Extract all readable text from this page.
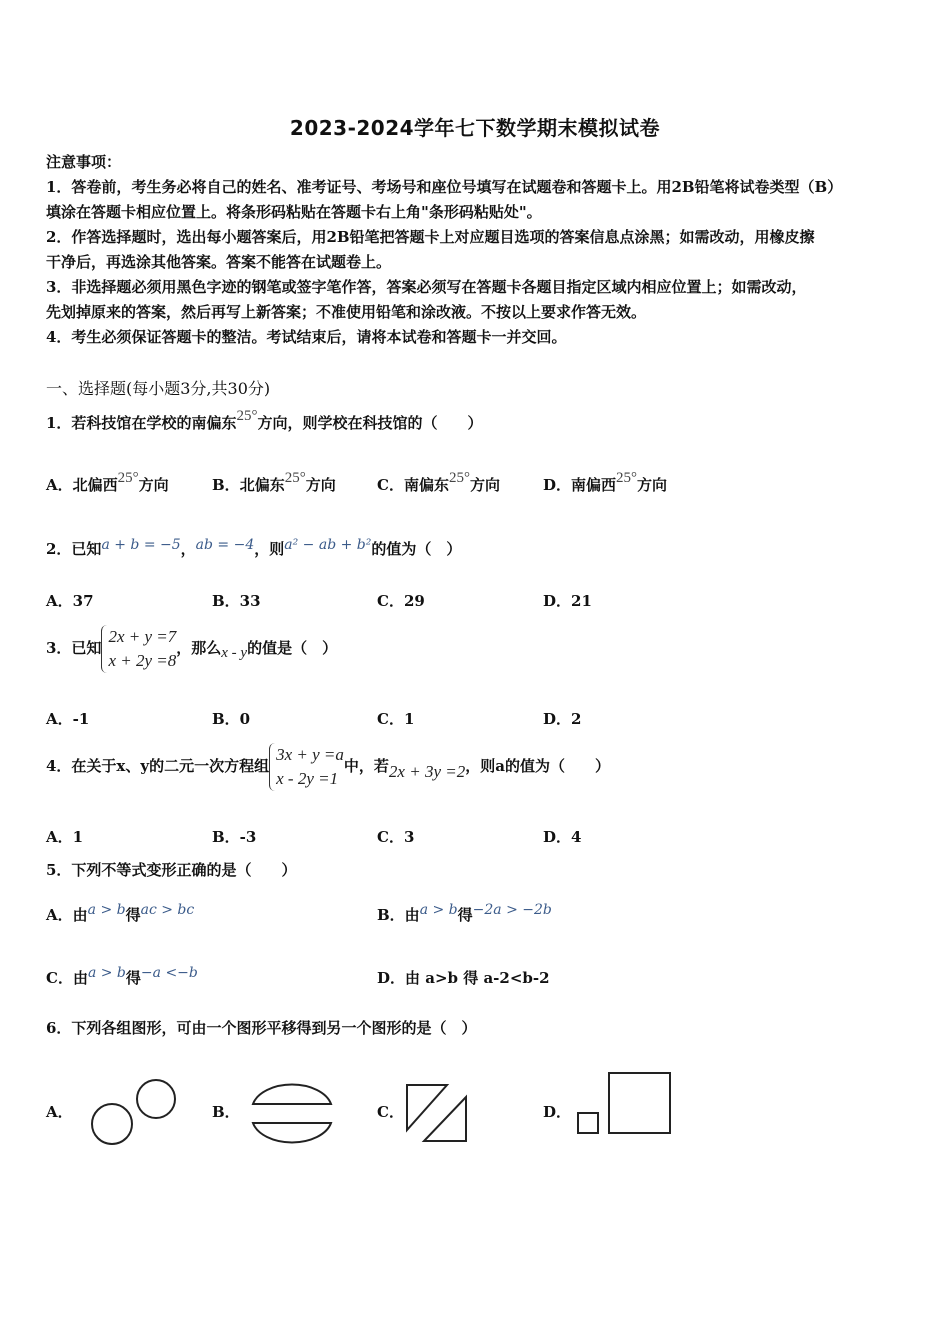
2023-2024学年七下数学期末模拟试卷
注意事项：
1．答卷前，考生务必将自己的姓名、准考证号、考场号和座位号填写在试题卷和答题卡上。用2B铅笔将试卷类型（B）
填涂在答题卡相应位置上。将条形码粘贴在答题卡右上角"条形码粘贴处"。
2．作答选择题时，选出每小题答案后，用2B铅笔把答题卡上对应题目选项的答案信息点涂黑；如需改动，用橡皮擦
干净后，再选涂其他答案。答案不能答在试题卷上。
3．非选择题必须用黑色字迹的钢笔或签字笔作答，答案必须写在答题卡各题目指定区域内相应位置上；如需改动，
先划掉原来的答案，然后再写上新答案；不准使用铅笔和涂改液。不按以上要求作答无效。
4．考生必须保证答题卡的整洁。考试结束后，请将本试卷和答题卡一并交回。
一、选择题(每小题3分,共30分)
1．若科技馆在学校的南偏东25°方向，则学校在科技馆的（　　）
A．北偏西25°方向	B．北偏东25°方向	C．南偏东25°方向	D．南偏西25°方向
2．已知a + b = −5，ab = −4，则a² − ab + b²的值为（　）
A．37	B．33	C．29	D．21
3．已知
2x + y =7
x + 2y =8
，那么x - y的值是（　）
A．-1	B．0	C．1	D．2
4．在关于x、y的二元一次方程组
3x + y =a
x - 2y =1
中，若2x + 3y =2，则a的值为（　　）
A．1	B．-3	C．3	D．4
5．下列不等式变形正确的是（　　）
A．由a > b得ac > bc	B．由a > b得−2a > −2b
C．由a > b得−a <−b	D．由 a>b 得 a-2<b-2
6．下列各组图形，可由一个图形平移得到另一个图形的是（　）
A．	B．	C．	D．
